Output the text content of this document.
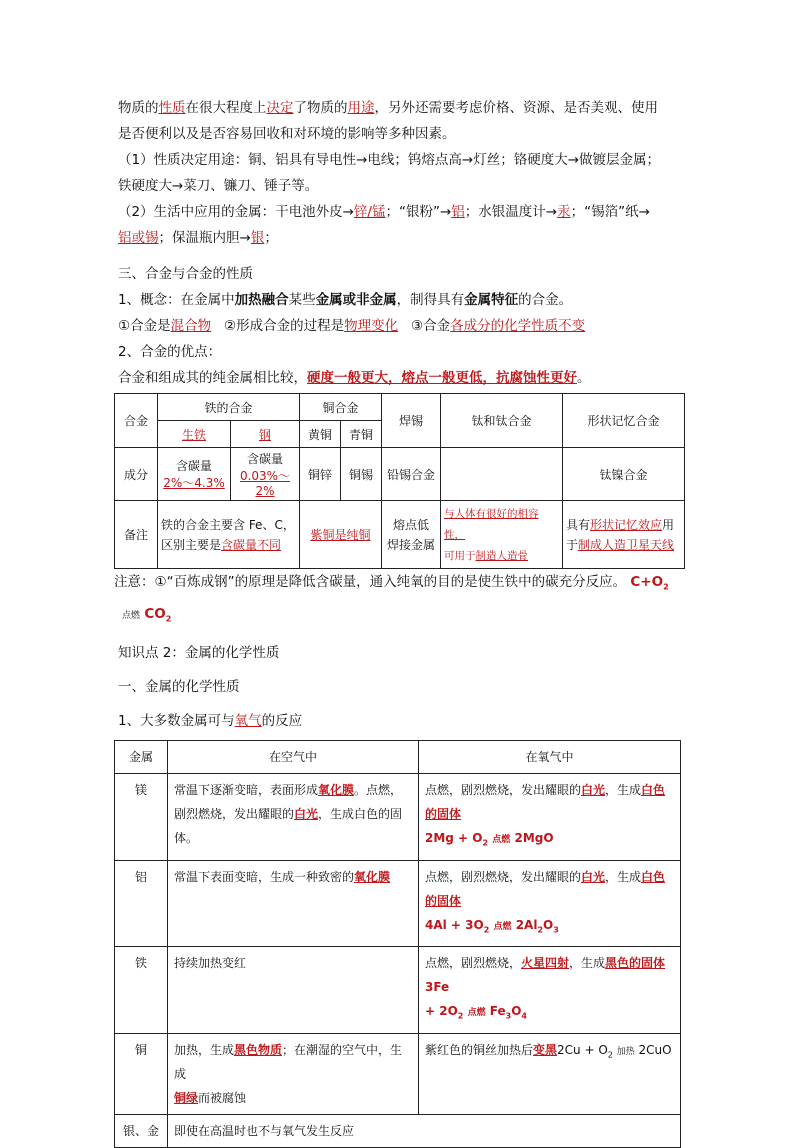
物质的性质在很大程度上决定了物质的用途，另外还需要考虑价格、资源、是否美观、使用
是否便利以及是否容易回收和对环境的影响等多种因素。

（1）性质决定用途：铜、铝具有导电性→电线；钨熔点高→灯丝；铬硬度大→做镀层金属；
铁硬度大→菜刀、镰刀、锤子等。

（2）生活中应用的金属：干电池外皮→锌/锰；“银粉”→铝；水银温度计→汞；“锡箔”纸→
铝或锡；保温瓶内胆→银；

三、合金与合金的性质

1、概念：在金属中加热融合某些金属或非金属，制得具有金属特征的合金。

①合金是混合物 ②形成合金的过程是物理变化 ③合金各成分的化学性质不变

2、合金的优点：

合金和组成其的纯金属相比较，硬度一般更大，熔点一般更低，抗腐蚀性更好。

合金	铁的合金		铜合金		焊锡	钛和钛合金	形状记忆合金
	生铁	钢	黄铜	青铜			
成分	含碳量
2%～4.3%	含碳量
0.03%～2%	铜锌	铜锡	铅锡合金		钛镍合金
备注	铁的合金主要含 Fe、C，
区别主要是含碳量不同		紫铜是纯铜		熔点低
焊接金属	与人体有很好的相容性，
可用于制造人造骨	具有形状记忆效应用
于制成人造卫星天线

注意：①“百炼成钢”的原理是降低含碳量，通入纯氧的目的是使生铁中的碳充分反应。 $C+O_2$
点燃 $CO_2$

知识点 2：金属的化学性质

一、金属的化学性质

1、大多数金属可与氧气的反应

金属	在空气中	在氧气中
镁	常温下逐渐变暗，表面形成氧化膜。点燃，剧烈燃烧，发出耀眼的白光，生成白色的固体。	点燃，剧烈燃烧，发出耀眼的白光，生成白色的固体
$2Mg + O_2$ 点燃 2MgO
铝	常温下表面变暗，生成一种致密的氧化膜	点燃，剧烈燃烧，发出耀眼的白光，生成白色的固体
$4Al + 3O_2$ 点燃 $2Al_2O_3$
铁	持续加热变红	点燃，剧烈燃烧，火星四射，生成黑色的固体 3Fe
+ $2O_2$ 点燃 $Fe_3O_4$
铜	加热，生成黑色物质；在潮湿的空气中，生成
铜绿而被腐蚀	紫红色的铜丝加热后变黑$2Cu + O_2$ 加热 2CuO
银、金	即使在高温时也不与氧气发生反应	
